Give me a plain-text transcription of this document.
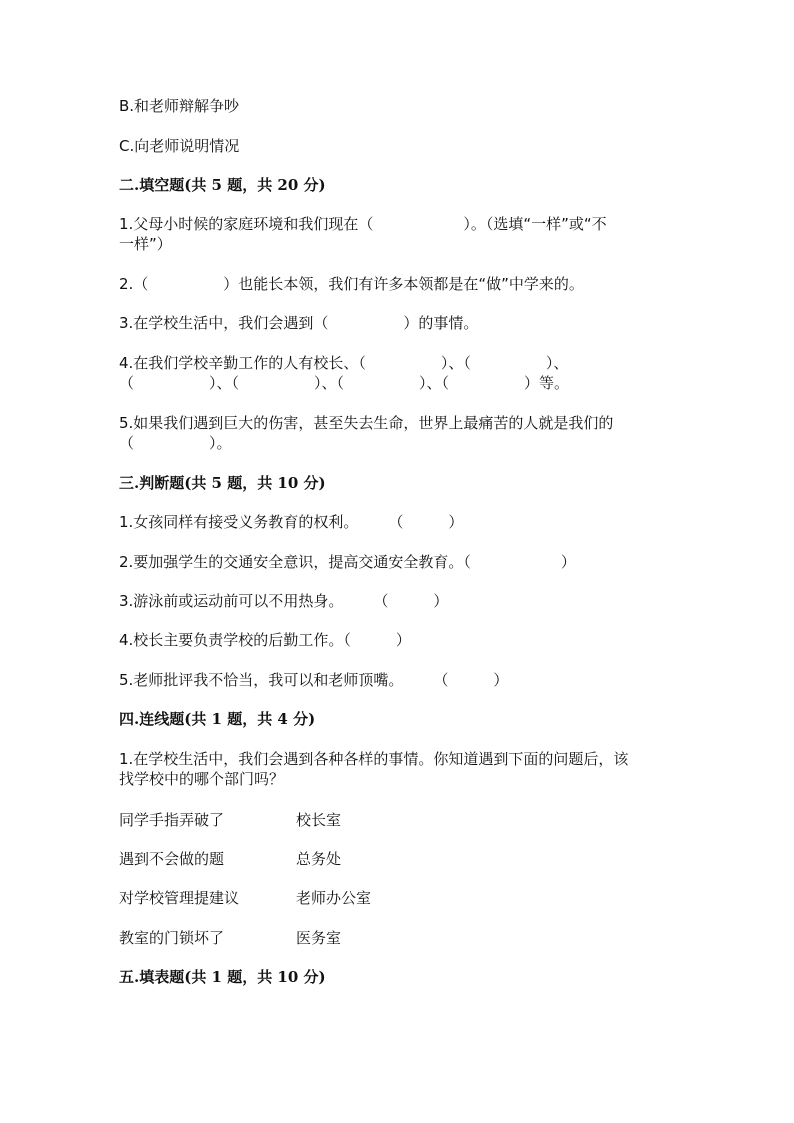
B.和老师辩解争吵
C.向老师说明情况
二.填空题(共 5 题，共 20 分)
1.父母小时候的家庭环境和我们现在（　　　　　　）。（选填“一样”或“不
一样”）
2.（　　　　　）也能长本领，我们有许多本领都是在“做”中学来的。
3.在学校生活中，我们会遇到（　　　　　）的事情。
4.在我们学校辛勤工作的人有校长、（　　　　　）、（　　　　　）、
（　　　　　）、（　　　　　）、（　　　　　）、（　　　　　）等。
5.如果我们遇到巨大的伤害，甚至失去生命，世界上最痛苦的人就是我们的
（　　　　　）。
三.判断题(共 5 题，共 10 分)
1.女孩同样有接受义务教育的权利。　　　（　　　）
2.要加强学生的交通安全意识，提高交通安全教育。（　　　　　　）
3.游泳前或运动前可以不用热身。　　　（　　　）
4.校长主要负责学校的后勤工作。（　　　）
5.老师批评我不恰当，我可以和老师顶嘴。　　　（　　　）
四.连线题(共 1 题，共 4 分)
1.在学校生活中，我们会遇到各种各样的事情。你知道遇到下面的问题后，该
找学校中的哪个部门吗？
同学手指弄破了	校长室
遇到不会做的题	总务处
对学校管理提建议	老师办公室
教室的门锁坏了	医务室
五.填表题(共 1 题，共 10 分)
